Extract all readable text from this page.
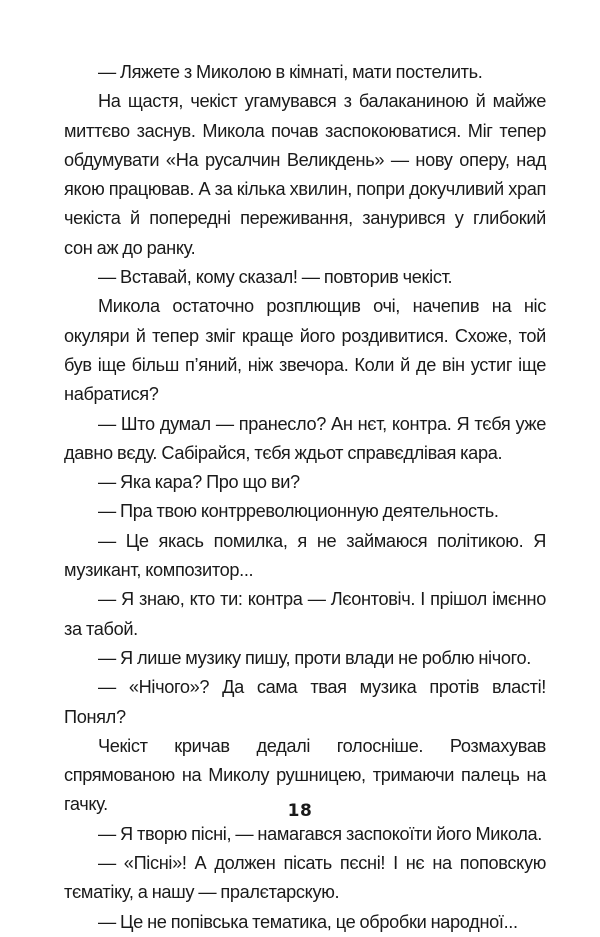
— Ляжете з Миколою в кімнаті, мати постелить.

На щастя, чекіст угамувався з балаканиною й майже миттєво заснув. Микола почав заспокоюватися. Міг тепер обдумувати «На русалчин Великдень» — нову оперу, над якою працював. А за кілька хвилин, попри докучливий храп чекіста й попередні переживання, занурився у глибокий сон аж до ранку.

— Вставай, кому сказал! — повторив чекіст.

Микола остаточно розплющив очі, начепив на ніс окуляри й тепер зміг краще його роздивитися. Схоже, той був іще більш п’яний, ніж звечора. Коли й де він устиг іще набратися?

— Што думал — пранесло? Ан нєт, контра. Я тєбя уже давно вєду. Сабірайся, тєбя ждьот справєдлівая кара.

— Яка кара? Про що ви?

— Пра твою контрреволюционную деятельность.

— Це якась помилка, я не займаюся політикою. Я музикант, композитор...

— Я знаю, кто ти: контра — Лєонтовіч. І прішол імєнно за табой.

— Я лише музику пишу, проти влади не роблю нічого.

— «Нічого»? Да сама твая музика протів власті! Понял?

Чекіст кричав дедалі голосніше. Розмахував спрямованою на Миколу рушницею, тримаючи палець на гачку.

— Я творю пісні, — намагався заспокоїти його Микола.

— «Пісні»! А должен пісать пєсні! І нє на поповскую тєматіку, а нашу — пралєтарскую.

— Це не попівська тематика, це обробки народної...

18
